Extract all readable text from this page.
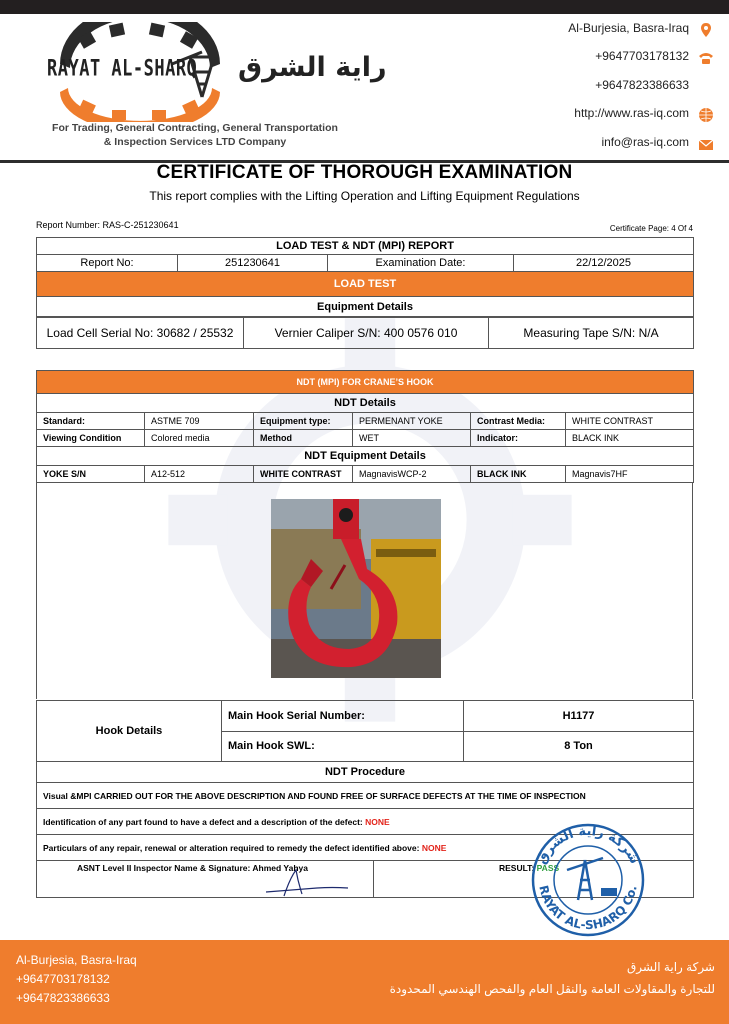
RAYAT AL-SHARQ راية الشرق
For Trading, General Contracting, General Transportation
& Inspection Services LTD Company
Al-Burjesia, Basra-Iraq
+9647703178132
+9647823386633
http://www.ras-iq.com
info@ras-iq.com
CERTIFICATE OF THOROUGH EXAMINATION
This report complies with the Lifting Operation and Lifting Equipment Regulations
Report Number: RAS-C-251230641	Certificate Page: 4 Of 4
LOAD TEST & NDT (MPI) REPORT
Report No:	251230641	Examination Date:	22/12/2025
LOAD TEST
Equipment Details
Load Cell Serial No: 30682 / 25532	Vernier Caliper S/N: 400 0576 010	Measuring Tape S/N: N/A
NDT (MPI) FOR CRANE’S HOOK					
NDT Details					
Standard:	ASTME 709	Equipment type:	PERMENANT YOKE	Contrast Media:	WHITE CONTRAST
Viewing Condition	Colored media	Method	WET	Indicator:	BLACK INK
NDT Equipment Details					
YOKE S/N	A12-512	WHITE CONTRAST	MagnavisWCP-2	BLACK INK	Magnavis7HF
Hook Details	Main Hook Serial Number:		H1177
	Main Hook SWL:		8 Ton
NDT Procedure			
Visual &MPI CARRIED OUT FOR THE ABOVE DESCRIPTION AND FOUND FREE OF SURFACE DEFECTS AT THE TIME OF INSPECTION			
Identification of any part found to have a defect and a description of the defect: NONE			
Particulars of any repair, renewal or alteration required to remedy the defect identified above: NONE			
ASNT Level II Inspector Name & Signature: Ahmed Yahya		RESULT: PASS	
شركة راية الشرق
RAYAT AL-SHARQ Co.
Al-Burjesia, Basra-Iraq
+9647703178132
+9647823386633
شركة راية الشرق
للتجارة والمقاولات العامة والنقل العام والفحص الهندسي المحدودة
